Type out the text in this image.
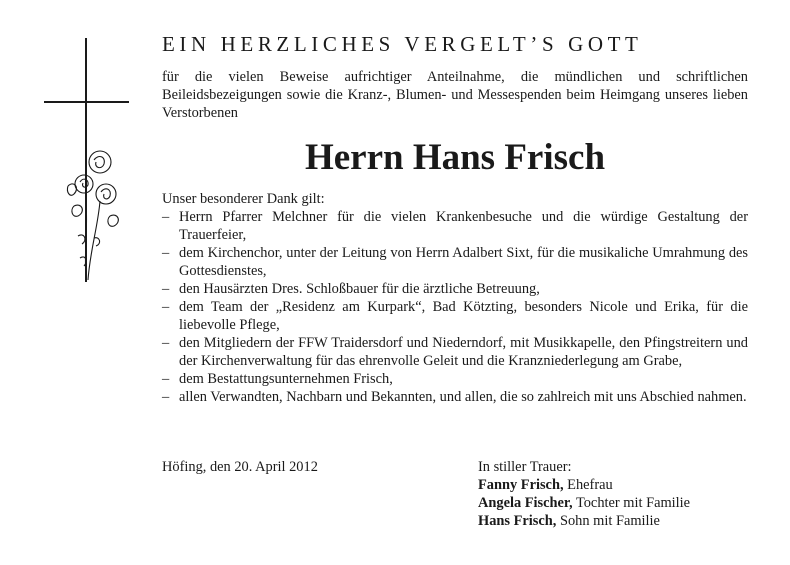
EIN HERZLICHES VERGELT’S GOTT
für die vielen Beweise aufrichtiger Anteilnahme, die mündlichen und schriftlichen Beileidsbezeigungen sowie die Kranz-, Blumen- und Messespenden beim Heimgang unseres lieben Verstorbenen
Herrn Hans Frisch
Unser besonderer Dank gilt:
– Herrn Pfarrer Melchner für die vielen Krankenbesuche und die würdige Gestaltung der Trauerfeier,
– dem Kirchenchor, unter der Leitung von Herrn Adalbert Sixt, für die musikaliche Umrahmung des Gottesdienstes,
– den Hausärzten Dres. Schloßbauer für die ärztliche Betreuung,
– dem Team der „Residenz am Kurpark“, Bad Kötzting, besonders Nicole und Erika, für die liebevolle Pflege,
– den Mitgliedern der FFW Traidersdorf und Niederndorf, mit Musikkapelle, den Pfingstreitern und der Kirchenverwaltung für das ehrenvolle Geleit und die Kranzniederlegung am Grabe,
– dem Bestattungsunternehmen Frisch,
– allen Verwandten, Nachbarn und Bekannten, und allen, die so zahlreich mit uns Abschied nahmen.
Höfing, den 20. April 2012	In stiller Trauer:
Fanny Frisch, Ehefrau
Angela Fischer, Tochter mit Familie
Hans Frisch, Sohn mit Familie
